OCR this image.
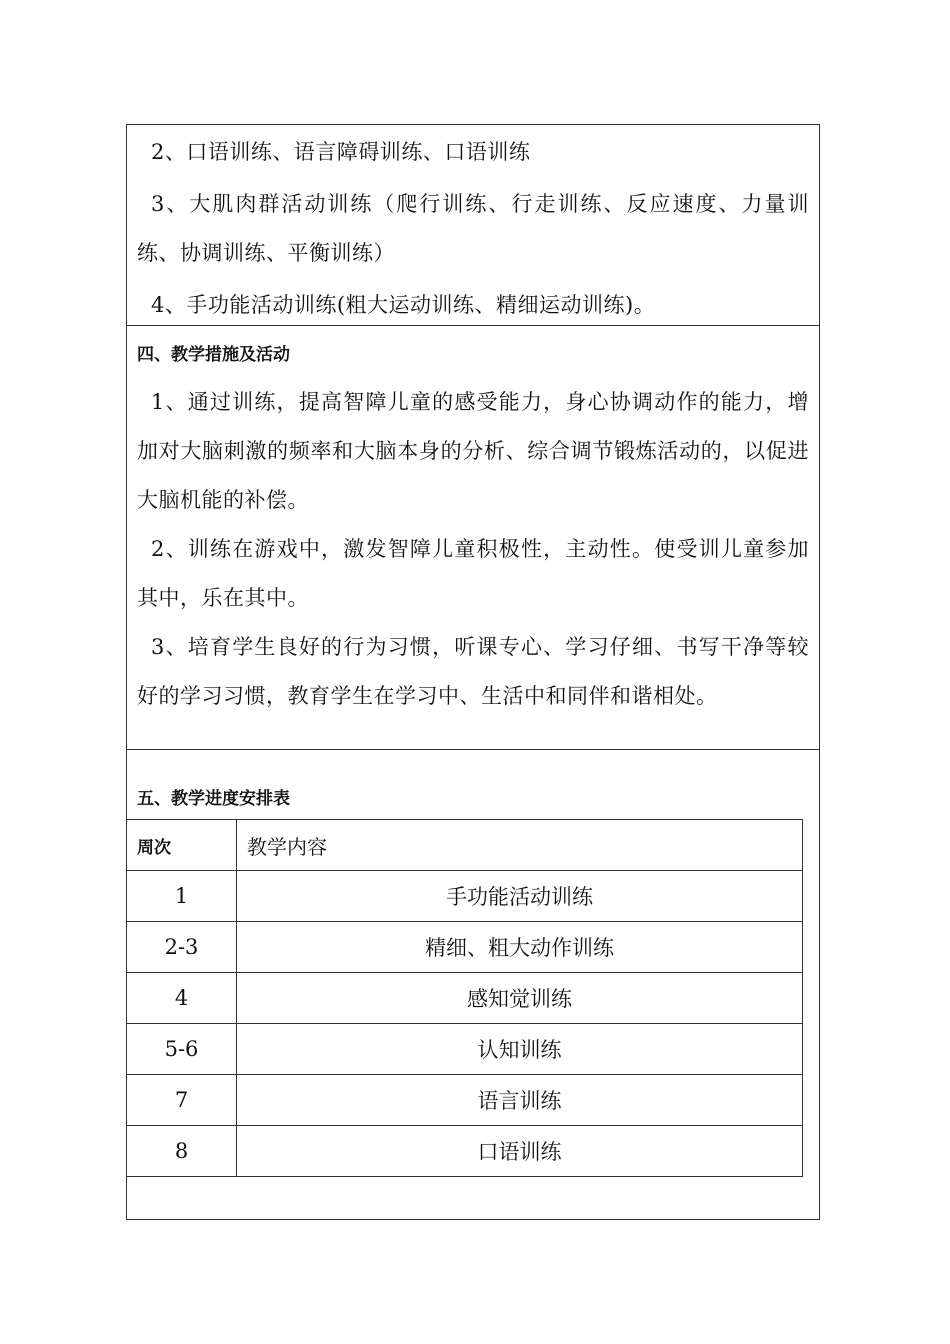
2、口语训练、语言障碍训练、口语训练

3、大肌肉群活动训练（爬行训练、行走训练、反应速度、力量训练、协调训练、平衡训练）

4、手功能活动训练(粗大运动训练、精细运动训练)。

四、教学措施及活动

1、通过训练，提高智障儿童的感受能力，身心协调动作的能力，增加对大脑刺激的频率和大脑本身的分析、综合调节锻炼活动的，以促进大脑机能的补偿。

2、训练在游戏中，激发智障儿童积极性，主动性。使受训儿童参加其中，乐在其中。

3、培育学生良好的行为习惯，听课专心、学习仔细、书写干净等较好的学习习惯，教育学生在学习中、生活中和同伴和谐相处。

五、教学进度安排表

周次	教学内容
1	手功能活动训练
2-3	精细、粗大动作训练
4	感知觉训练
5-6	认知训练
7	语言训练
8	口语训练
